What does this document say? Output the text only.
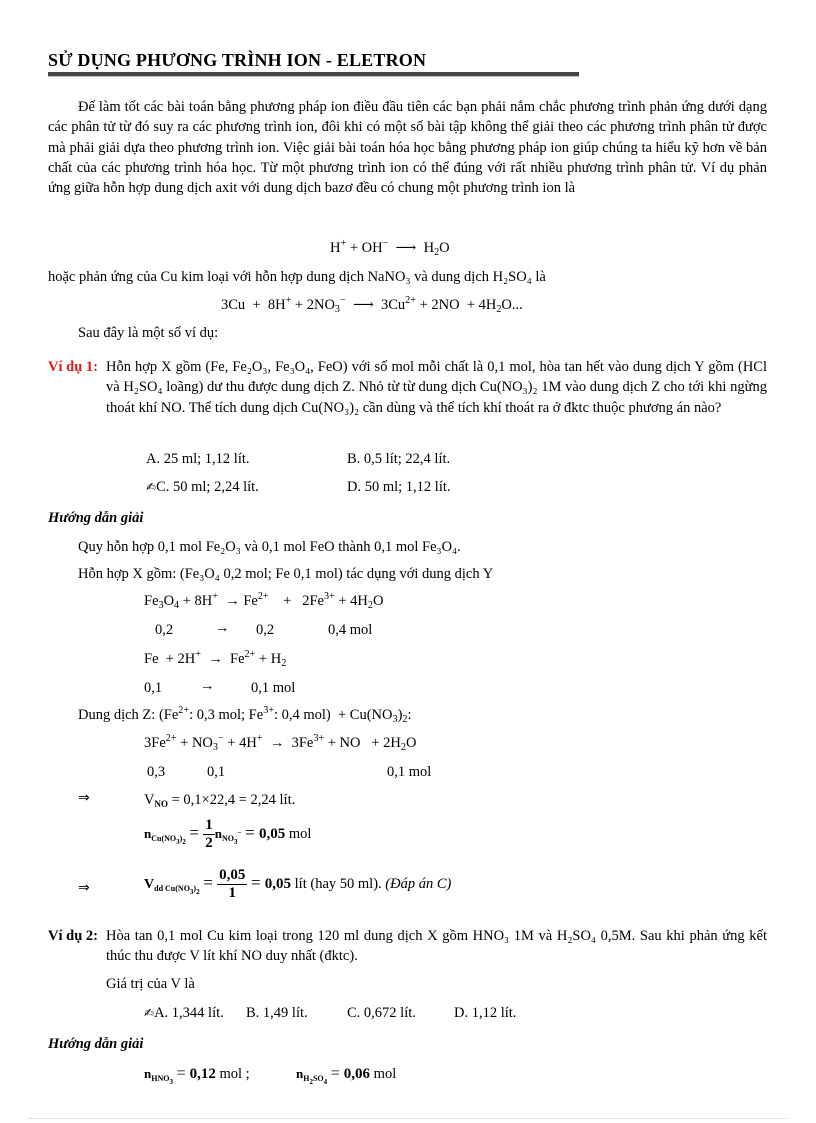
SỬ DỤNG PHƯƠNG TRÌNH ION - ELETRON
Để làm tốt các bài toán bằng phương pháp ion điều đầu tiên các bạn phải nắm chắc phương trình phản ứng dưới dạng các phân tử từ đó suy ra các phương trình ion, đôi khi có một số bài tập không thể giải theo các phương trình phân tử được mà phải giải dựa theo phương trình ion. Việc giải bài toán hóa học bằng phương pháp ion giúp chúng ta hiểu kỹ hơn về bản chất của các phương trình hóa học. Từ một phương trình ion có thể đúng với rất nhiều phương trình phân tử. Ví dụ phản ứng giữa hỗn hợp dung dịch axit với dung dịch bazơ đều có chung một phương trình ion là
H+ + OH−  ⟶  $H_2O$
hoặc phản ứng của Cu kim loại với hỗn hợp dung dịch NaNO₃ và dung dịch H₂SO₄ là
$3Cu + 8H^+ + 2NO_3^-$  ⟶  $3Cu^{2+} + 2NO + 4H_2O$...
Sau đây là một số ví dụ:
Ví dụ 1: Hỗn hợp X gồm (Fe, Fe₂O₃, Fe₃O₄, FeO) với số mol mỗi chất là 0,1 mol, hòa tan hết vào dung dịch Y gồm (HCl và H₂SO₄ loãng) dư thu được dung dịch Z. Nhỏ từ từ dung dịch Cu(NO₃)₂ 1M vào dung dịch Z cho tới khi ngừng thoát khí NO. Thể tích dung dịch Cu(NO₃)₂ cần dùng và thể tích khí thoát ra ở đktc thuộc phương án nào?
A. 25 ml; 1,12 lít.	B. 0,5 lít; 22,4 lít.
✍C. 50 ml; 2,24 lít.	D. 50 ml; 1,12 lít.
Hướng dẫn giải
Quy hỗn hợp 0,1 mol Fe₂O₃ và 0,1 mol FeO thành 0,1 mol Fe₃O₄.
Hỗn hợp X gồm: (Fe₃O₄ 0,2 mol; Fe 0,1 mol) tác dụng với dung dịch Y
$Fe_3O_4 + 8H^+ \to Fe^{2+}$    +   $2Fe^{3+} + 4H_2O$
0,2	→ 0,2	0,4 mol
$Fe + 2H^+ \to Fe^{2+} + H_2$
0,1	→	0,1 mol
Dung dịch Z: ($Fe^{2+}$: 0,3 mol; $Fe^{3+}$: 0,4 $mol) + Cu(NO_3)_2$:
$3Fe^{2+} + NO_3^- + 4H^+ \to 3Fe^{3+}$ + NO   + $2H_2O$
0,3	0,1	0,1 mol
⇒	$V_{NO} = 0,1\times 22,4 = 2,24$ lít.
$n_{Cu(NO_3)_2} = \frac{1}{2} n_{NO_3^-} = 0,05$ mol
⇒	$V_{dd Cu(NO_3)_2} = \frac{0,05}{1} = 0,05$ lít (hay 50 ml). (Đáp án C)
Ví dụ 2: Hòa tan 0,1 mol Cu kim loại trong 120 ml dung dịch X gồm HNO₃ 1M và H₂SO₄ 0,5M. Sau khi phản ứng kết thúc thu được V lít khí NO duy nhất (đktc).
Giá trị của V là
✍A. 1,344 lít. B. 1,49 lít.	C. 0,672 lít.	D. 1,12 lít.
Hướng dẫn giải
$n_{HNO_3} = 0,12$ mol ;	$n_{H_2SO_4} = 0,06$ mol
